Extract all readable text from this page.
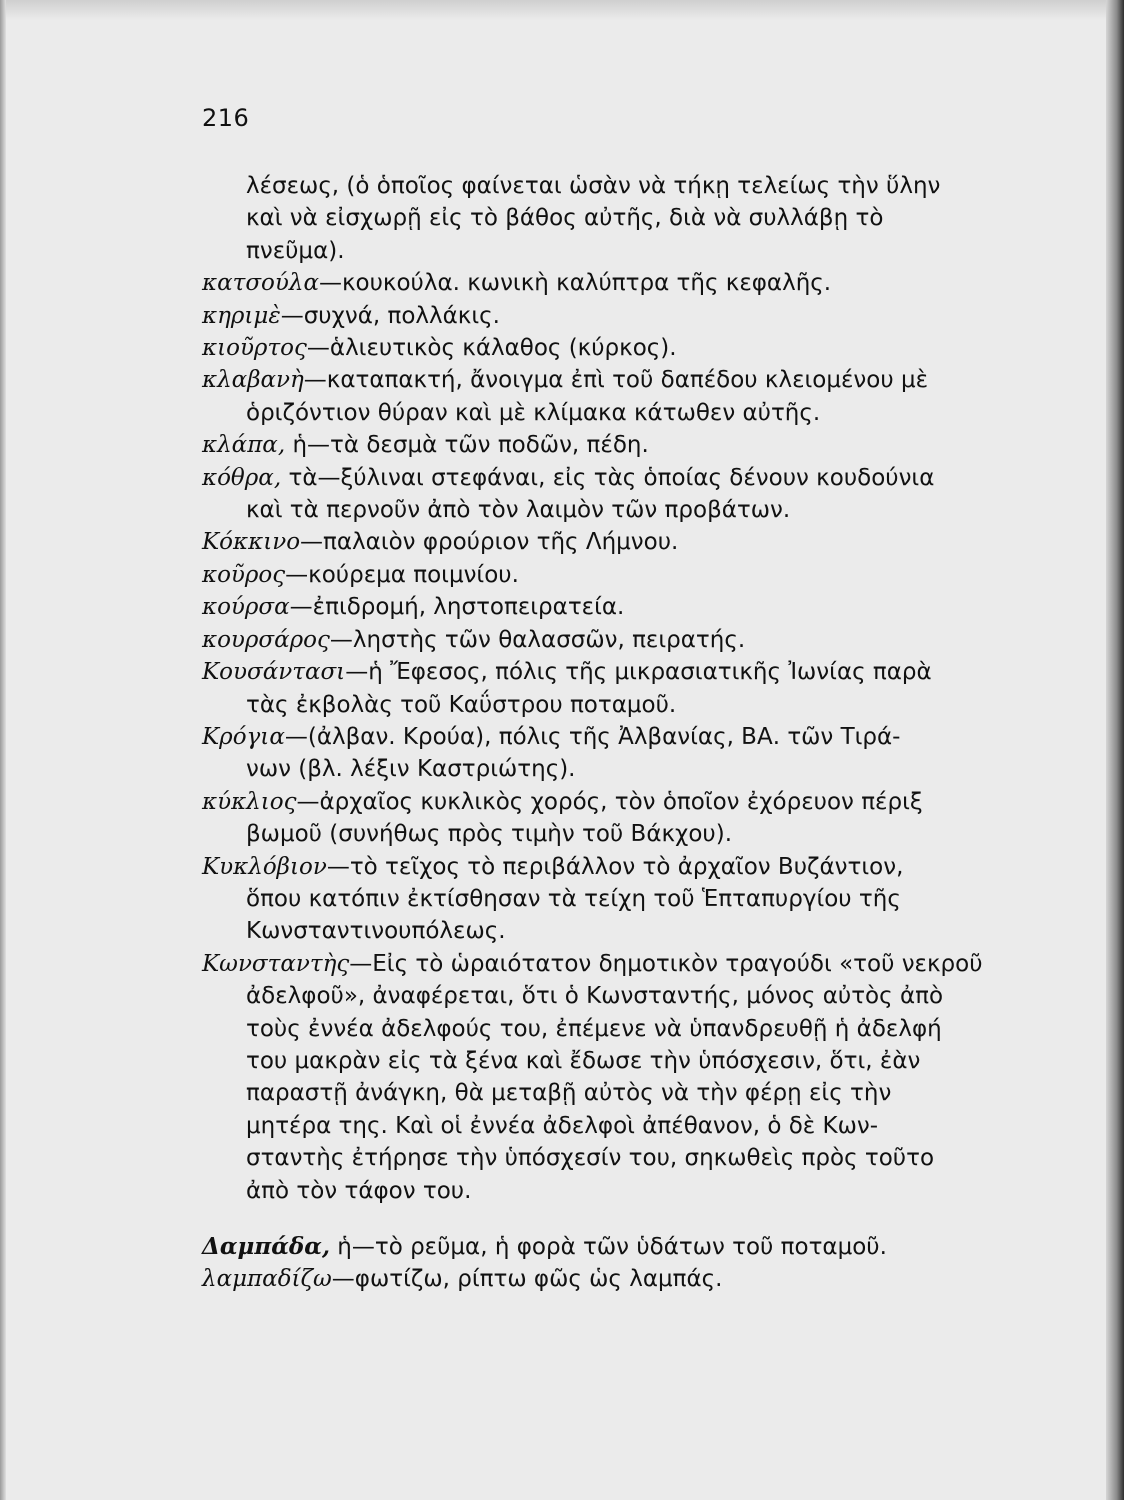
216

λέσεως, (ὁ ὁποῖος φαίνεται ὡσὰν νὰ τήκῃ τελείως τὴν ὕλην
καὶ νὰ εἰσχωρῇ εἰς τὸ βάθος αὐτῆς, διὰ νὰ συλλάβῃ τὸ
πνεῦμα).

κατσούλα—κουκούλα. κωνικὴ καλύπτρα τῆς κεφαλῆς.

κηριμὲ—συχνά, πολλάκις.

κιοῦρτος—ἁλιευτικὸς κάλαθος (κύρκος).

κλαβανὴ—καταπακτή, ἄνοιγμα ἐπὶ τοῦ δαπέδου κλειομένου μὲ
ὁριζόντιον θύραν καὶ μὲ κλίμακα κάτωθεν αὐτῆς.

κλάπα, ἡ—τὰ δεσμὰ τῶν ποδῶν, πέδη.

κόθρα, τὰ—ξύλιναι στεφάναι, εἰς τὰς ὁποίας δένουν κουδούνια
καὶ τὰ περνοῦν ἀπὸ τὸν λαιμὸν τῶν προβάτων.

Κόκκινο—παλαιὸν φρούριον τῆς Λήμνου.

κοῦρος—κούρεμα ποιμνίου.

κούρσα—ἐπιδρομή, ληστοπειρατεία.

κουρσάρος—ληστὴς τῶν θαλασσῶν, πειρατής.

Κουσάντασι—ἡ Ἔφεσος, πόλις τῆς μικρασιατικῆς Ἰωνίας παρὰ
τὰς ἐκβολὰς τοῦ Καΰστρου ποταμοῦ.

Κρόγια—(ἀλβαν. Κρούα), πόλις τῆς Ἀλβανίας, ΒΑ. τῶν Τιρά-
νων (βλ. λέξιν Καστριώτης).

κύκλιος—ἀρχαῖος κυκλικὸς χορός, τὸν ὁποῖον ἐχόρευον πέριξ
βωμοῦ (συνήθως πρὸς τιμὴν τοῦ Βάκχου).

Κυκλόβιον—τὸ τεῖχος τὸ περιβάλλον τὸ ἀρχαῖον Βυζάντιον,
ὅπου κατόπιν ἐκτίσθησαν τὰ τείχη τοῦ Ἑπταπυργίου τῆς
Κωνσταντινουπόλεως.

Κωνσταντὴς—Εἰς τὸ ὡραιότατον δημοτικὸν τραγούδι «τοῦ νεκροῦ
ἀδελφοῦ», ἀναφέρεται, ὅτι ὁ Κωνσταντής, μόνος αὐτὸς ἀπὸ
τοὺς ἐννέα ἀδελφούς του, ἐπέμενε νὰ ὑπανδρευθῇ ἡ ἀδελφή
του μακρὰν εἰς τὰ ξένα καὶ ἔδωσε τὴν ὑπόσχεσιν, ὅτι, ἐὰν
παραστῇ ἀνάγκη, θὰ μεταβῇ αὐτὸς νὰ τὴν φέρῃ εἰς τὴν
μητέρα της. Καὶ οἱ ἐννέα ἀδελφοὶ ἀπέθανον, ὁ δὲ Κων-
σταντὴς ἐτήρησε τὴν ὑπόσχεσίν του, σηκωθεὶς πρὸς τοῦτο
ἀπὸ τὸν τάφον του.

Δαμπάδα, ἡ—τὸ ρεῦμα, ἡ φορὰ τῶν ὑδάτων τοῦ ποταμοῦ.

λαμπαδίζω—φωτίζω, ρίπτω φῶς ὡς λαμπάς.
